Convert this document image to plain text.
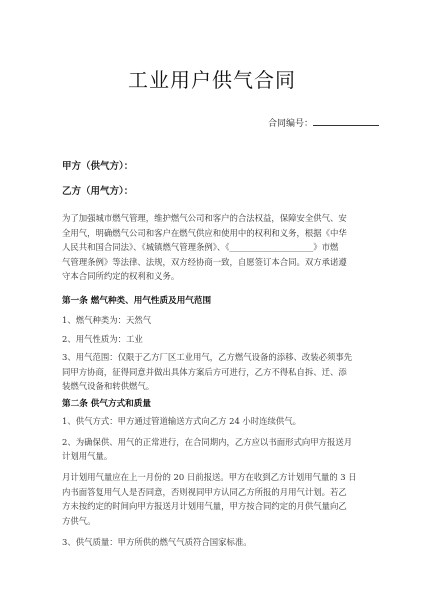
工业用户供气合同
合同编号：
甲方（供气方）：
乙方（用气方）：
为了加强城市燃气管理，维护燃气公司和客户的合法权益，保障安全供气、安
全用气，明确燃气公司和客户在燃气供应和使用中的权利和义务，根据《中华
人民共和国合同法》、《城镇燃气管理条例》、《____________________》市燃
气管理条例》等法律、法规，双方经协商一致，自愿签订本合同。双方承诺遵
守本合同所约定的权利和义务。
第一条 燃气种类、用气性质及用气范围
1、燃气种类为：天然气
2、用气性质为：工业
3、用气范围：仅限于乙方厂区工业用气，乙方燃气设备的添移、改装必须事先
同甲方协商，征得同意并做出具体方案后方可进行，乙方不得私自拆、迁、添
装燃气设备和转供燃气。
第二条 供气方式和质量
1、供气方式：甲方通过管道输送方式向乙方 24 小时连续供气。
2、为确保供、用气的正常进行，在合同期内，乙方应以书面形式向甲方报送月
计划用气量。
月计划用气量应在上一月份的 20 日前报送。甲方在收到乙方计划用气量的 3 日
内书面答复用气人是否同意，否则视同甲方认同乙方所报的月用气计划。若乙
方未按约定的时间向甲方报送月计划用气量，甲方按合同约定的月供气量向乙
方供气。
3、供气质量：甲方所供的燃气气质符合国家标准。
